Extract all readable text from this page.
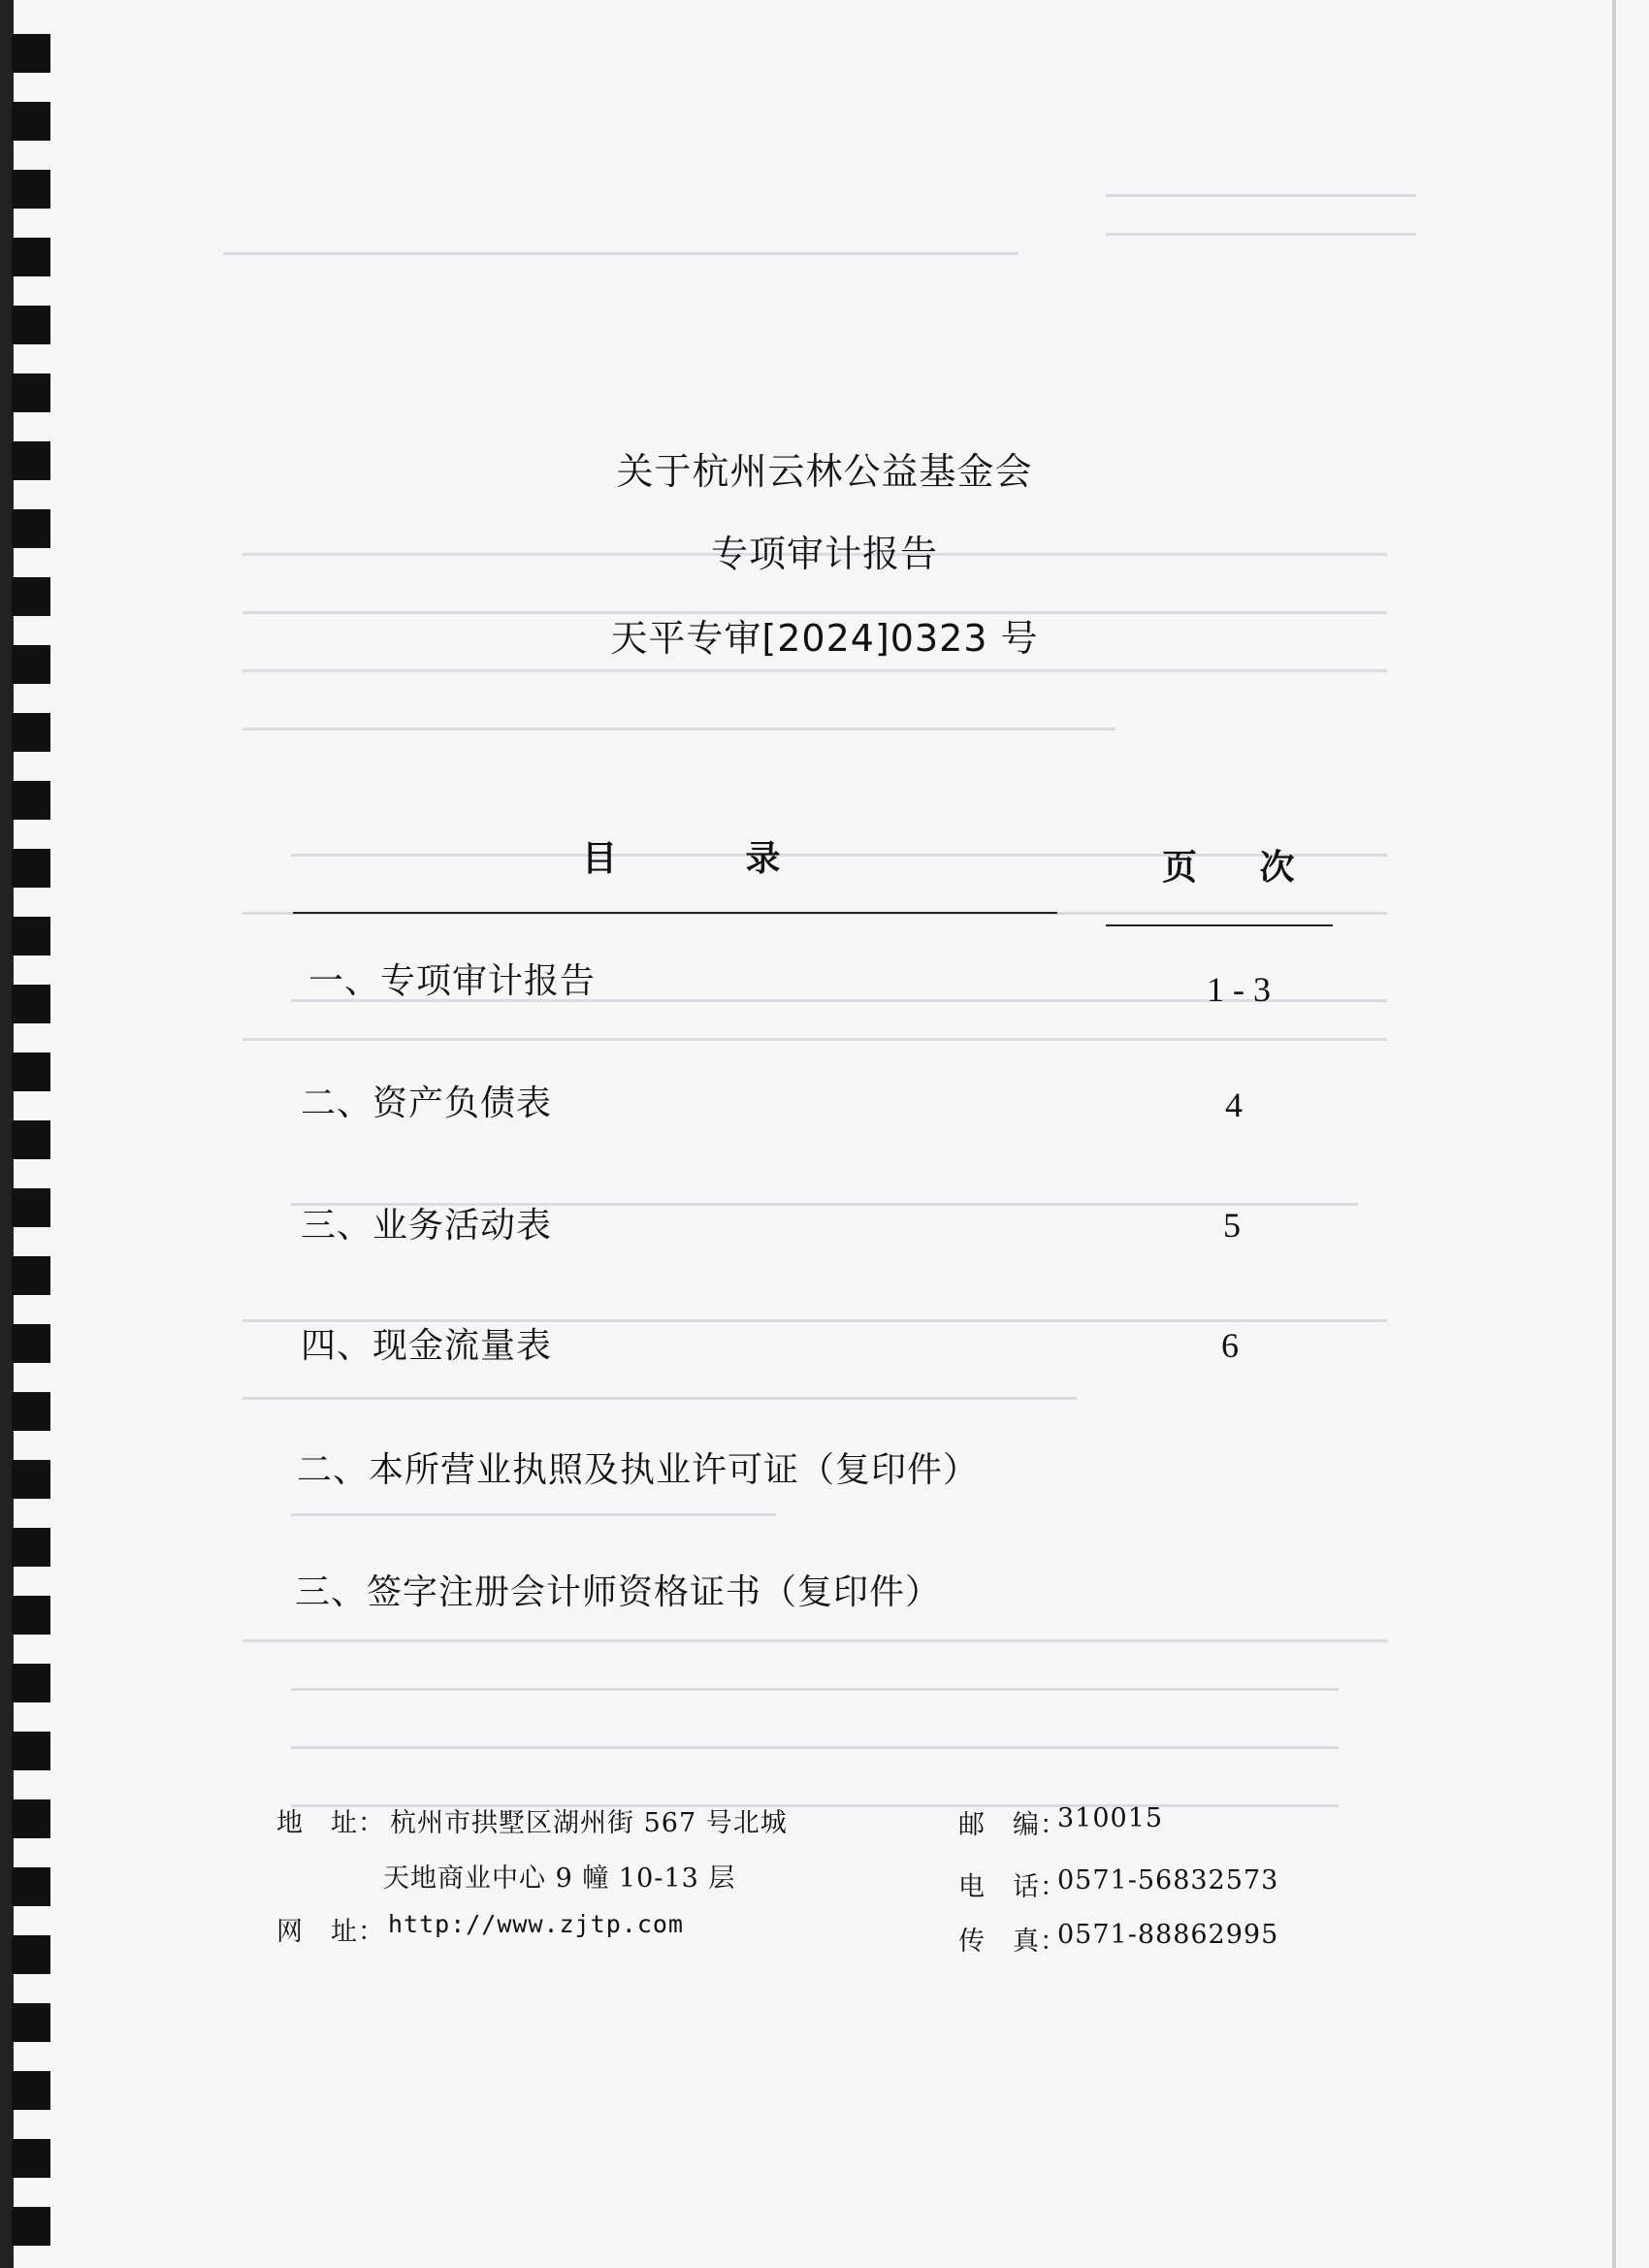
关于杭州云林公益基金会
专项审计报告
天平专审[2024]0323 号
目 录	页 次
一、专项审计报告	1 - 3
二、资产负债表	4
三、业务活动表	5
四、现金流量表	6
二、本所营业执照及执业许可证（复印件）
三、签字注册会计师资格证书（复印件）
地　址： 杭州市拱墅区湖州街 567 号北城
天地商业中心 9 幢 10-13 层
网　址： http://www.zjtp.com
邮　编：
310015
电　话：
0571-56832573
传　真：
0571-88862995
